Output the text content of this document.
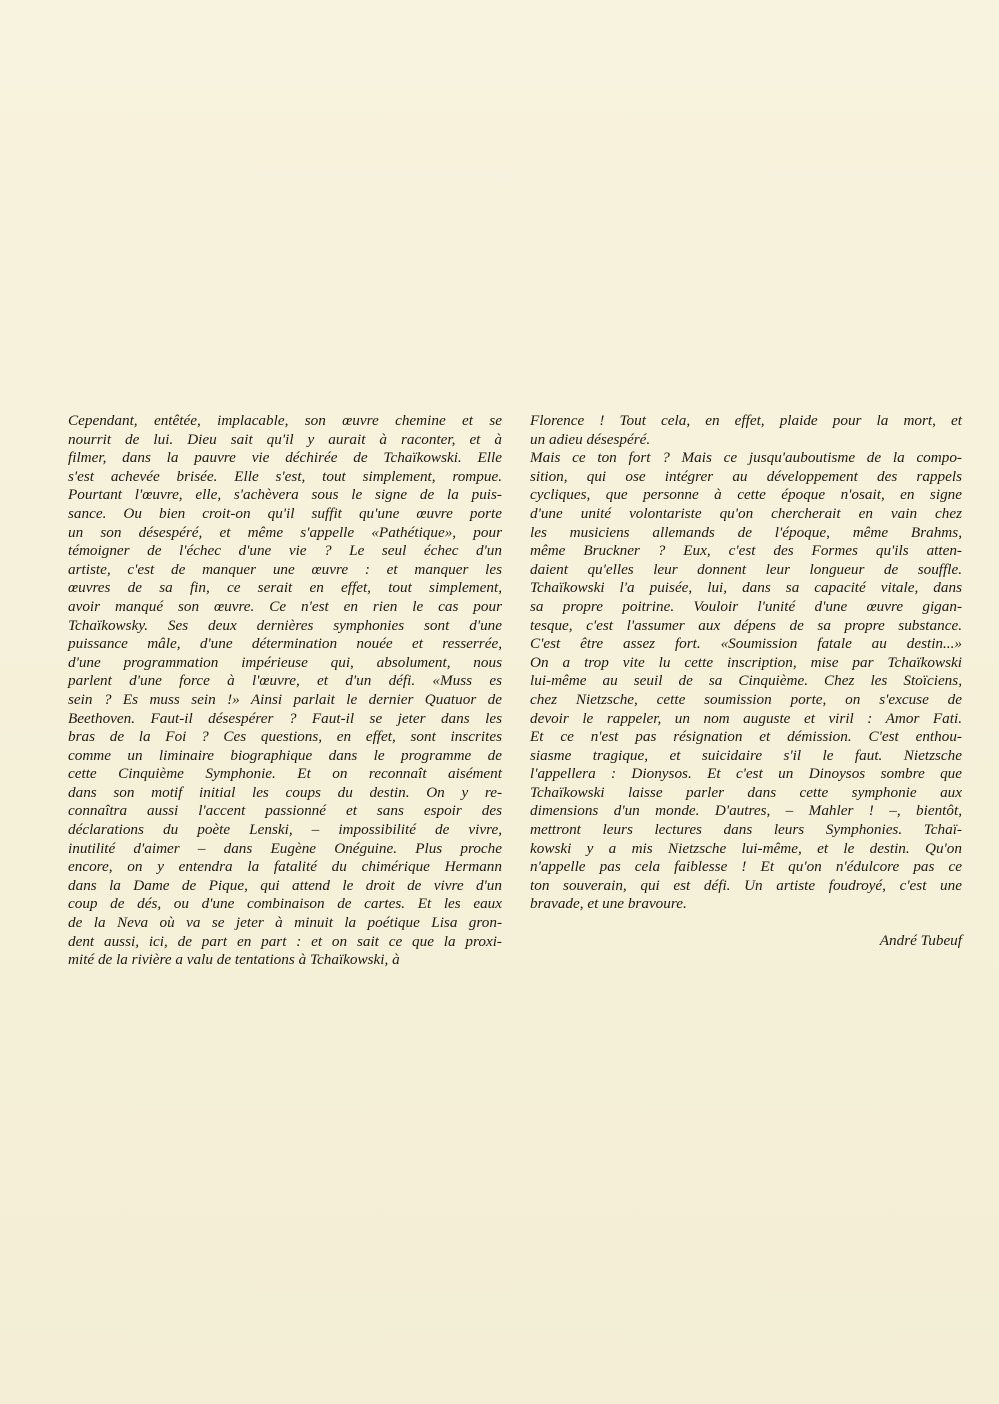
Cependant, entêtée, implacable, son œuvre chemine et se
nourrit de lui. Dieu sait qu'il y aurait à raconter, et à
filmer, dans la pauvre vie déchirée de Tchaïkowski. Elle
s'est achevée brisée. Elle s'est, tout simplement, rompue.
Pourtant l'œuvre, elle, s'achèvera sous le signe de la puis-
sance. Ou bien croit-on qu'il suffit qu'une œuvre porte
un son désespéré, et même s'appelle «Pathétique», pour
témoigner de l'échec d'une vie ? Le seul échec d'un
artiste, c'est de manquer une œuvre : et manquer les
œuvres de sa fin, ce serait en effet, tout simplement,
avoir manqué son œuvre. Ce n'est en rien le cas pour
Tchaïkowsky. Ses deux dernières symphonies sont d'une
puissance mâle, d'une détermination nouée et resserrée,
d'une programmation impérieuse qui, absolument, nous
parlent d'une force à l'œuvre, et d'un défi. «Muss es
sein ? Es muss sein !» Ainsi parlait le dernier Quatuor de
Beethoven. Faut-il désespérer ? Faut-il se jeter dans les
bras de la Foi ? Ces questions, en effet, sont inscrites
comme un liminaire biographique dans le programme de
cette Cinquième Symphonie. Et on reconnaît aisément
dans son motif initial les coups du destin. On y re-
connaîtra aussi l'accent passionné et sans espoir des
déclarations du poète Lenski, – impossibilité de vivre,
inutilité d'aimer – dans Eugène Onéguine. Plus proche
encore, on y entendra la fatalité du chimérique Hermann
dans la Dame de Pique, qui attend le droit de vivre d'un
coup de dés, ou d'une combinaison de cartes. Et les eaux
de la Neva où va se jeter à minuit la poétique Lisa gron-
dent aussi, ici, de part en part : et on sait ce que la proxi-
mité de la rivière a valu de tentations à Tchaïkowski, à
Florence ! Tout cela, en effet, plaide pour la mort, et
un adieu désespéré.
Mais ce ton fort ? Mais ce jusqu'auboutisme de la compo-
sition, qui ose intégrer au développement des rappels
cycliques, que personne à cette époque n'osait, en signe
d'une unité volontariste qu'on chercherait en vain chez
les musiciens allemands de l'époque, même Brahms,
même Bruckner ? Eux, c'est des Formes qu'ils atten-
daient qu'elles leur donnent leur longueur de souffle.
Tchaïkowski l'a puisée, lui, dans sa capacité vitale, dans
sa propre poitrine. Vouloir l'unité d'une œuvre gigan-
tesque, c'est l'assumer aux dépens de sa propre substance.
C'est être assez fort. «Soumission fatale au destin...»
On a trop vite lu cette inscription, mise par Tchaïkowski
lui-même au seuil de sa Cinquième. Chez les Stoïciens,
chez Nietzsche, cette soumission porte, on s'excuse de
devoir le rappeler, un nom auguste et viril : Amor Fati.
Et ce n'est pas résignation et démission. C'est enthou-
siasme tragique, et suicidaire s'il le faut. Nietzsche
l'appellera : Dionysos. Et c'est un Dinoysos sombre que
Tchaïkowski laisse parler dans cette symphonie aux
dimensions d'un monde. D'autres, – Mahler ! –, bientôt,
mettront leurs lectures dans leurs Symphonies. Tchaï-
kowski y a mis Nietzsche lui-même, et le destin. Qu'on
n'appelle pas cela faiblesse ! Et qu'on n'édulcore pas ce
ton souverain, qui est défi. Un artiste foudroyé, c'est une
bravade, et une bravoure.
André Tubeuf
